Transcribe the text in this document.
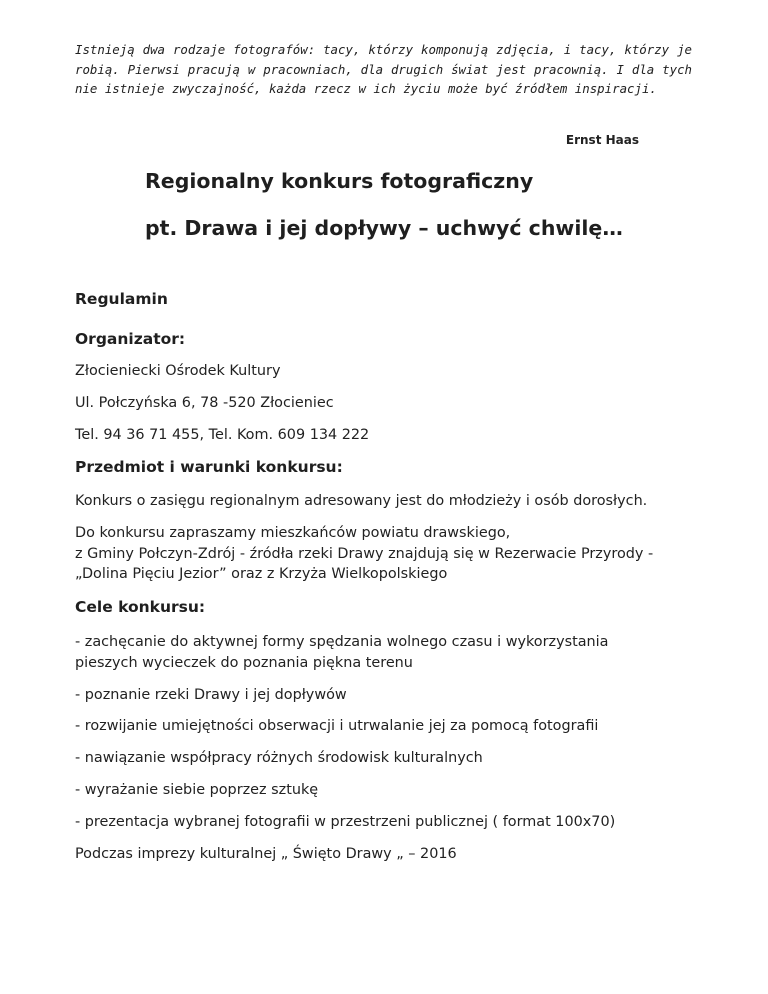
Istnieją dwa rodzaje fotografów: tacy, którzy komponują zdjęcia, i tacy, którzy je robią. Pierwsi pracują w pracowniach, dla drugich świat jest pracownią. I dla tych nie istnieje zwyczajność, każda rzecz w ich życiu może być źródłem inspiracji.

Ernst Haas
Regionalny konkurs fotograficzny
pt. Drawa i jej dopływy – uchwyć chwilę…
Regulamin
Organizator:

Złocieniecki Ośrodek Kultury

Ul. Połczyńska 6, 78 -520 Złocieniec

Tel. 94 36 71 455, Tel. Kom. 609 134 222

Przedmiot i warunki konkursu:

Konkurs o zasięgu regionalnym adresowany jest do młodzieży i osób dorosłych.

Do konkursu zapraszamy mieszkańców powiatu drawskiego,
z Gminy Połczyn-Zdrój - źródła rzeki Drawy znajdują się w Rezerwacie Przyrody -
„Dolina Pięciu Jezior” oraz z Krzyża Wielkopolskiego

Cele konkursu:

- zachęcanie do aktywnej formy spędzania wolnego czasu i wykorzystania
pieszych wycieczek do poznania piękna terenu

- poznanie rzeki Drawy i jej dopływów

- rozwijanie umiejętności obserwacji i utrwalanie jej za pomocą fotografii

- nawiązanie współpracy różnych środowisk kulturalnych

- wyrażanie siebie poprzez sztukę

- prezentacja wybranej fotografii w przestrzeni publicznej ( format 100x70)

Podczas imprezy kulturalnej „ Święto Drawy „ – 2016
